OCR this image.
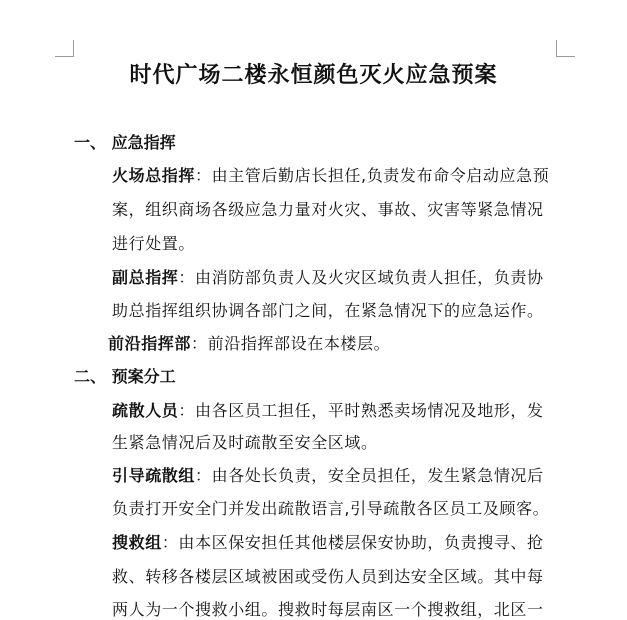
时代广场二楼永恒颜色灭火应急预案
一、 应急指挥
火场总指挥：由主管后勤店长担任,负责发布命令启动应急预
案，组织商场各级应急力量对火灾、事故、灾害等紧急情况
进行处置。
副总指挥：由消防部负责人及火灾区域负责人担任，负责协
助总指挥组织协调各部门之间，在紧急情况下的应急运作。
前沿指挥部：前沿指挥部设在本楼层。
二、 预案分工
疏散人员：由各区员工担任，平时熟悉卖场情况及地形，发
生紧急情况后及时疏散至安全区域。
引导疏散组：由各处长负责，安全员担任，发生紧急情况后
负责打开安全门并发出疏散语言,引导疏散各区员工及顾客。
搜救组：由本区保安担任其他楼层保安协助，负责搜寻、抢
救、转移各楼层区域被困或受伤人员到达安全区域。其中每
两人为一个搜救小组。搜救时每层南区一个搜救组，北区一
